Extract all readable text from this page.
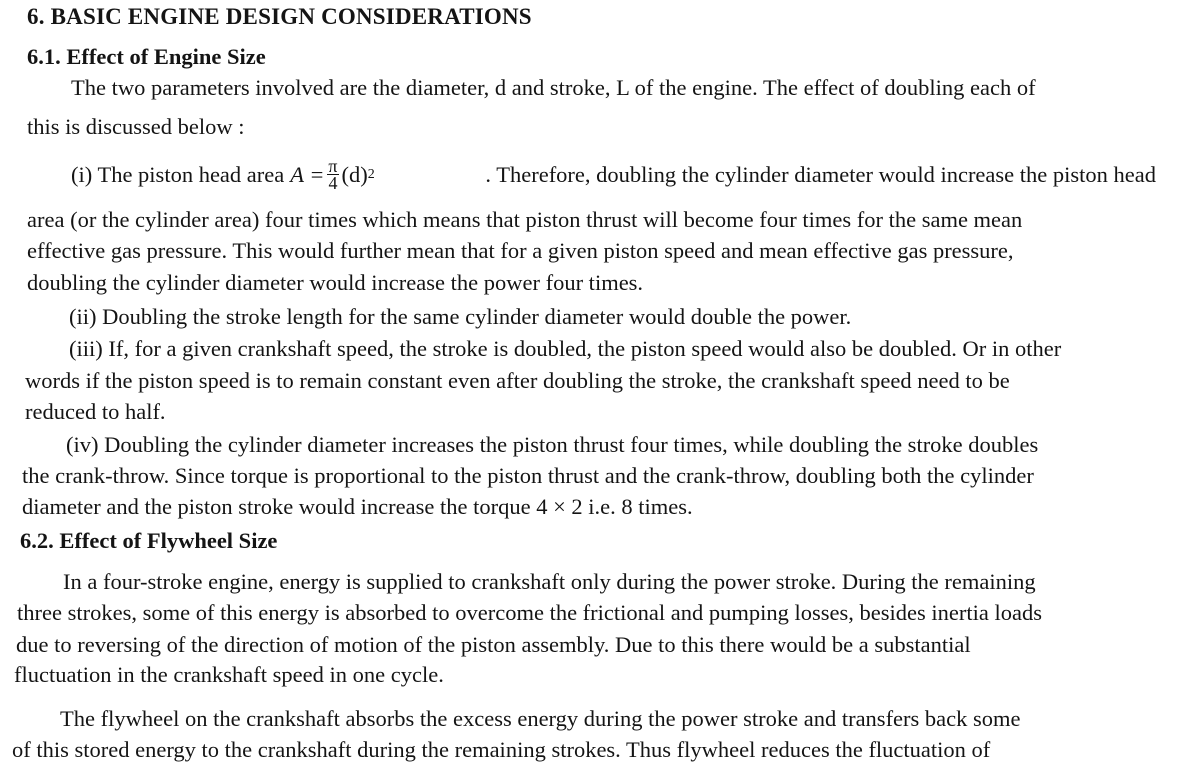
6. BASIC ENGINE DESIGN CONSIDERATIONS
6.1. Effect of Engine Size
The two parameters involved are the diameter, d and stroke, L of the engine. The effect of doubling each of
this is discussed below :
(i) The piston head area $A = \frac{\pi}{4} (d)$ 2	. Therefore, doubling the cylinder diameter would increase the piston head
area (or the cylinder area) four times which means that piston thrust will become four times for the same mean
effective gas pressure. This would further mean that for a given piston speed and mean effective gas pressure,
doubling the cylinder diameter would increase the power four times.
(ii) Doubling the stroke length for the same cylinder diameter would double the power.
(iii) If, for a given crankshaft speed, the stroke is doubled, the piston speed would also be doubled. Or in other
words if the piston speed is to remain constant even after doubling the stroke, the crankshaft speed need to be
reduced to half.
(iv) Doubling the cylinder diameter increases the piston thrust four times, while doubling the stroke doubles
the crank-throw. Since torque is proportional to the piston thrust and the crank-throw, doubling both the cylinder
diameter and the piston stroke would increase the torque 4 × 2 i.e. 8 times.
6.2. Effect of Flywheel Size
In a four-stroke engine, energy is supplied to crankshaft only during the power stroke. During the remaining
three strokes, some of this energy is absorbed to overcome the frictional and pumping losses, besides inertia loads
due to reversing of the direction of motion of the piston assembly. Due to this there would be a substantial
fluctuation in the crankshaft speed in one cycle.
The flywheel on the crankshaft absorbs the excess energy during the power stroke and transfers back some
of this stored energy to the crankshaft during the remaining strokes. Thus flywheel reduces the fluctuation of
